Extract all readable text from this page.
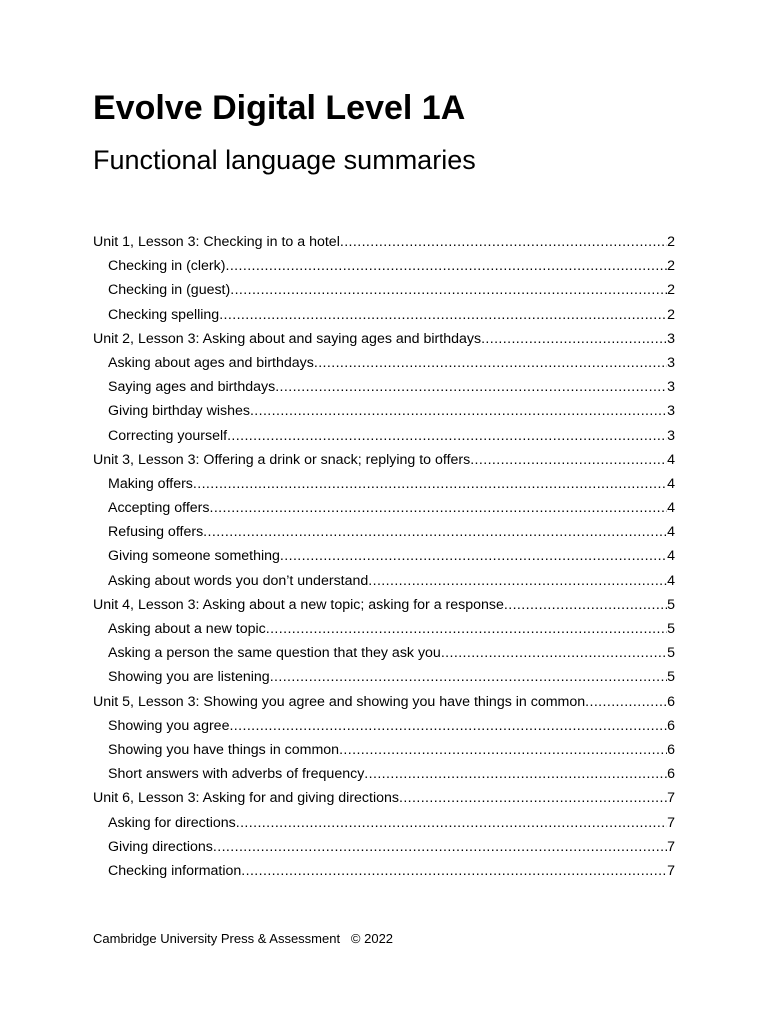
Evolve Digital Level 1A
Functional language summaries
Unit 1, Lesson 3: Checking in to a hotel .....	2
Checking in (clerk) .....	2
Checking in (guest) .....	2
Checking spelling .....	2
Unit 2, Lesson 3: Asking about and saying ages and birthdays .....	3
Asking about ages and birthdays .....	3
Saying ages and birthdays .....	3
Giving birthday wishes .....	3
Correcting yourself .....	3
Unit 3, Lesson 3: Offering a drink or snack; replying to offers .....	4
Making offers .....	4
Accepting offers .....	4
Refusing offers .....	4
Giving someone something .....	4
Asking about words you don’t understand .....	4
Unit 4, Lesson 3: Asking about a new topic; asking for a response .....	5
Asking about a new topic .....	5
Asking a person the same question that they ask you .....	5
Showing you are listening .....	5
Unit 5, Lesson 3: Showing you agree and showing you have things in common .....	6
Showing you agree .....	6
Showing you have things in common .....	6
Short answers with adverbs of frequency .....	6
Unit 6, Lesson 3: Asking for and giving directions .....	7
Asking for directions .....	7
Giving directions .....	7
Checking information .....	7
Cambridge University Press & Assessment   © 2022
